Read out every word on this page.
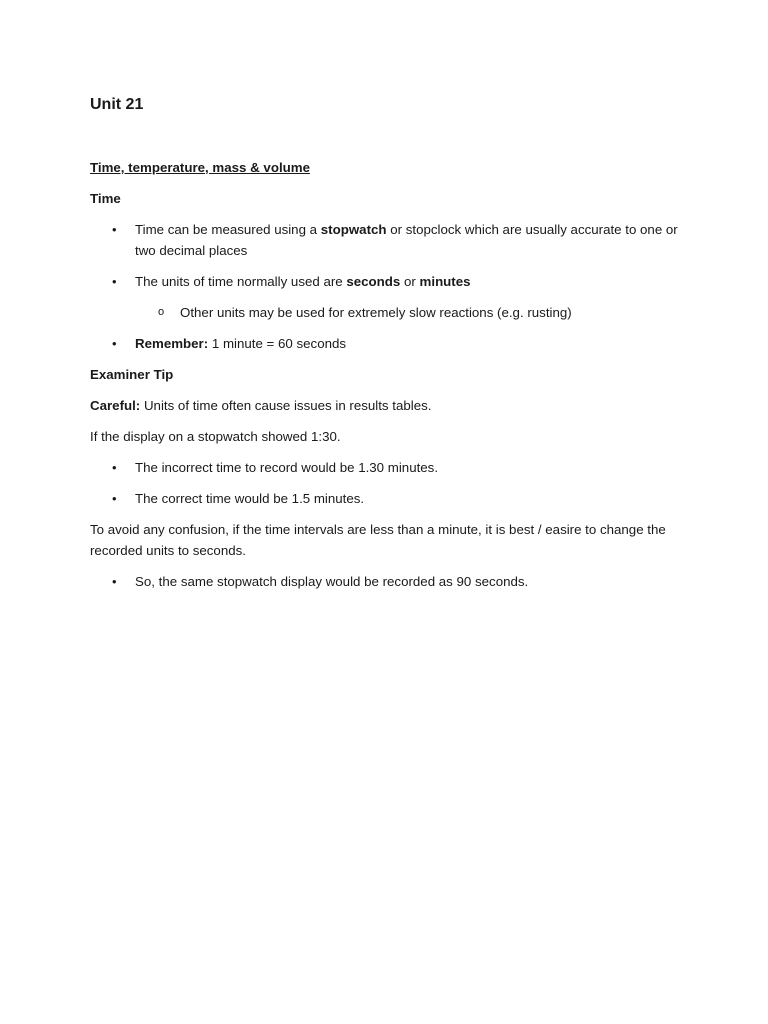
Unit 21
Time, temperature, mass & volume
Time
•	Time can be measured using a stopwatch or stopclock which are usually accurate to one or two decimal places
•	The units of time normally used are seconds or minutes
o Other units may be used for extremely slow reactions (e.g. rusting)
•	Remember: 1 minute = 60 seconds
Examiner Tip
Careful: Units of time often cause issues in results tables.
If the display on a stopwatch showed 1:30.
•	The incorrect time to record would be 1.30 minutes.
•	The correct time would be 1.5 minutes.
To avoid any confusion, if the time intervals are less than a minute, it is best / easire to change the recorded units to seconds.
•	So, the same stopwatch display would be recorded as 90 seconds.
